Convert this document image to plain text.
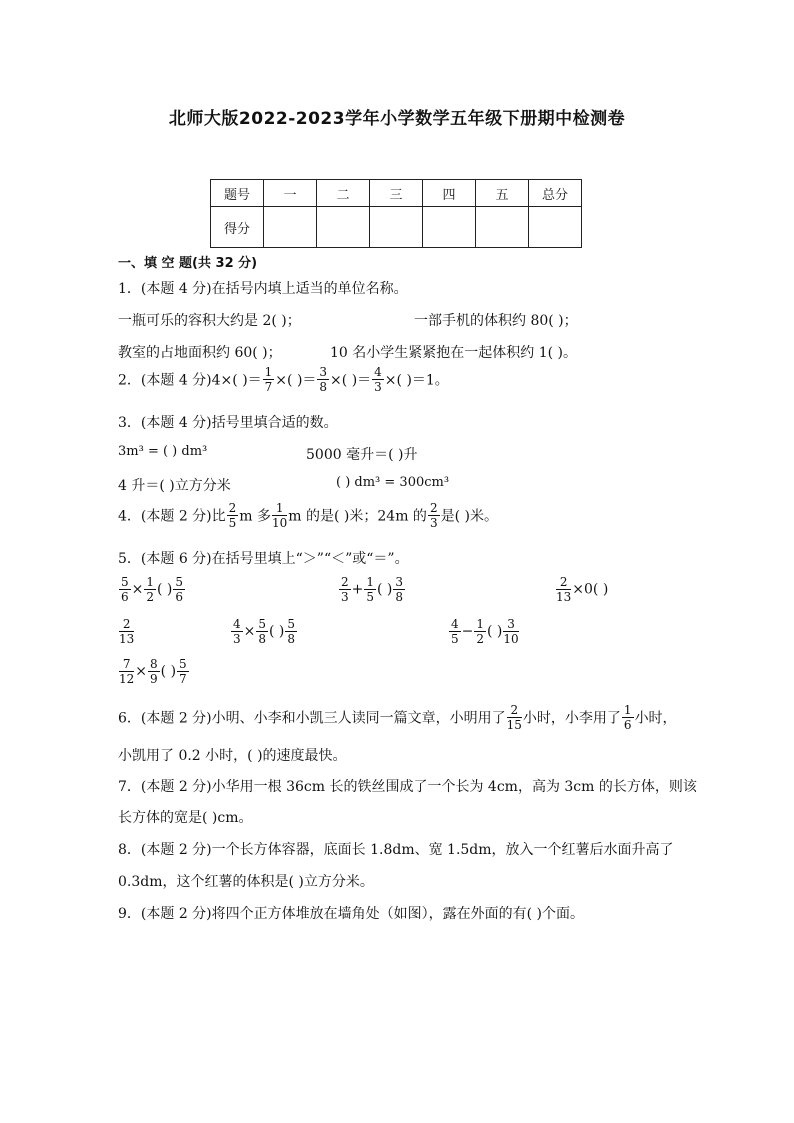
北师大版2022-2023学年小学数学五年级下册期中检测卷
题号	一	二	三	四	五	总分
得分						
一、填 空 题(共 32 分)
1．(本题 4 分)在括号内填上适当的单位名称。
一瓶可乐的容积大约是 2( )；	一部手机的体积约 80( )；
教室的占地面积约 60( )；	10 名小学生紧紧抱在一起体积约 1( )。
2．(本题 4 分)4×( )＝ $\frac{1}{7}$ ×( )＝ $\frac{3}{8}$ ×( )＝ $\frac{4}{3}$ ×( )＝1。
3．(本题 4 分)括号里填合适的数。
3m³ = ( ) dm³	5000 毫升＝( )升
4 升＝( )立方分米	( ) dm³ = 300cm³
4．(本题 2 分)比 $\frac{2}{5}$ m 多 $\frac{1}{10}$ m 的是( )米；24m 的 $\frac{2}{3}$ 是( )米。
5．(本题 6 分)在括号里填上“＞”“＜”或“＝”。
$\frac{5}{6} \times \frac{1}{2}$ ( ) $\frac{5}{6}$	$\frac{2}{3} + \frac{1}{5}$ ( ) $\frac{3}{8}$	$\frac{2}{13} \times 0$( )
$\frac{2}{13}$	$\frac{4}{3} \times \frac{5}{8}$ ( ) $\frac{5}{8}$	$\frac{4}{5} - \frac{1}{2}$ ( ) $\frac{3}{10}$
$\frac{7}{12} \times \frac{8}{9}$ ( ) $\frac{5}{7}$
6．(本题 2 分)小明、小李和小凯三人读同一篇文章，小明用了 $\frac{2}{15}$ 小时，小李用了 $\frac{1}{6}$ 小时，
小凯用了 0.2 小时，( )的速度最快。
7．(本题 2 分)小华用一根 36cm 长的铁丝围成了一个长为 4cm，高为 3cm 的长方体，则该
长方体的宽是( )cm。
8．(本题 2 分)一个长方体容器，底面长 1.8dm、宽 1.5dm，放入一个红薯后水面升高了
0.3dm，这个红薯的体积是( )立方分米。
9．(本题 2 分)将四个正方体堆放在墙角处（如图），露在外面的有( )个面。
